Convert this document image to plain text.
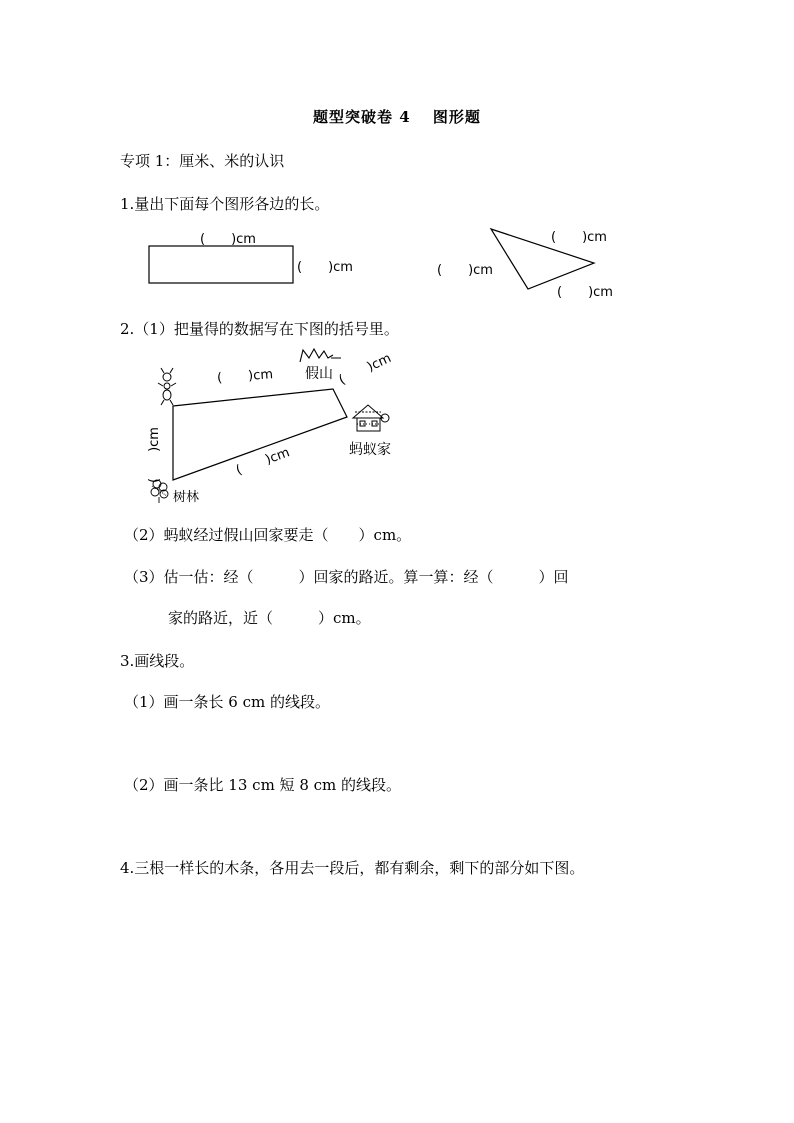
题型突破卷 4　 图形题
专项 1：厘米、米的认识
1.量出下面每个图形各边的长。
(　　)cm
(　　)cm
(　　)cm
(　　)cm
(　　)cm
2.（1）把量得的数据写在下图的括号里。
(　　)cm	(　　)cm
(　　)cm	(　　)cm
假山
蚂蚁家
树林
（2）蚂蚁经过假山回家要走（　　）cm。
（3）估一估：经（　　　）回家的路近。算一算：经（　　　）回
家的路近，近（　　　）cm。
3.画线段。
（1）画一条长 6 cm 的线段。
（2）画一条比 13 cm 短 8 cm 的线段。
4.三根一样长的木条，各用去一段后，都有剩余，剩下的部分如下图。
